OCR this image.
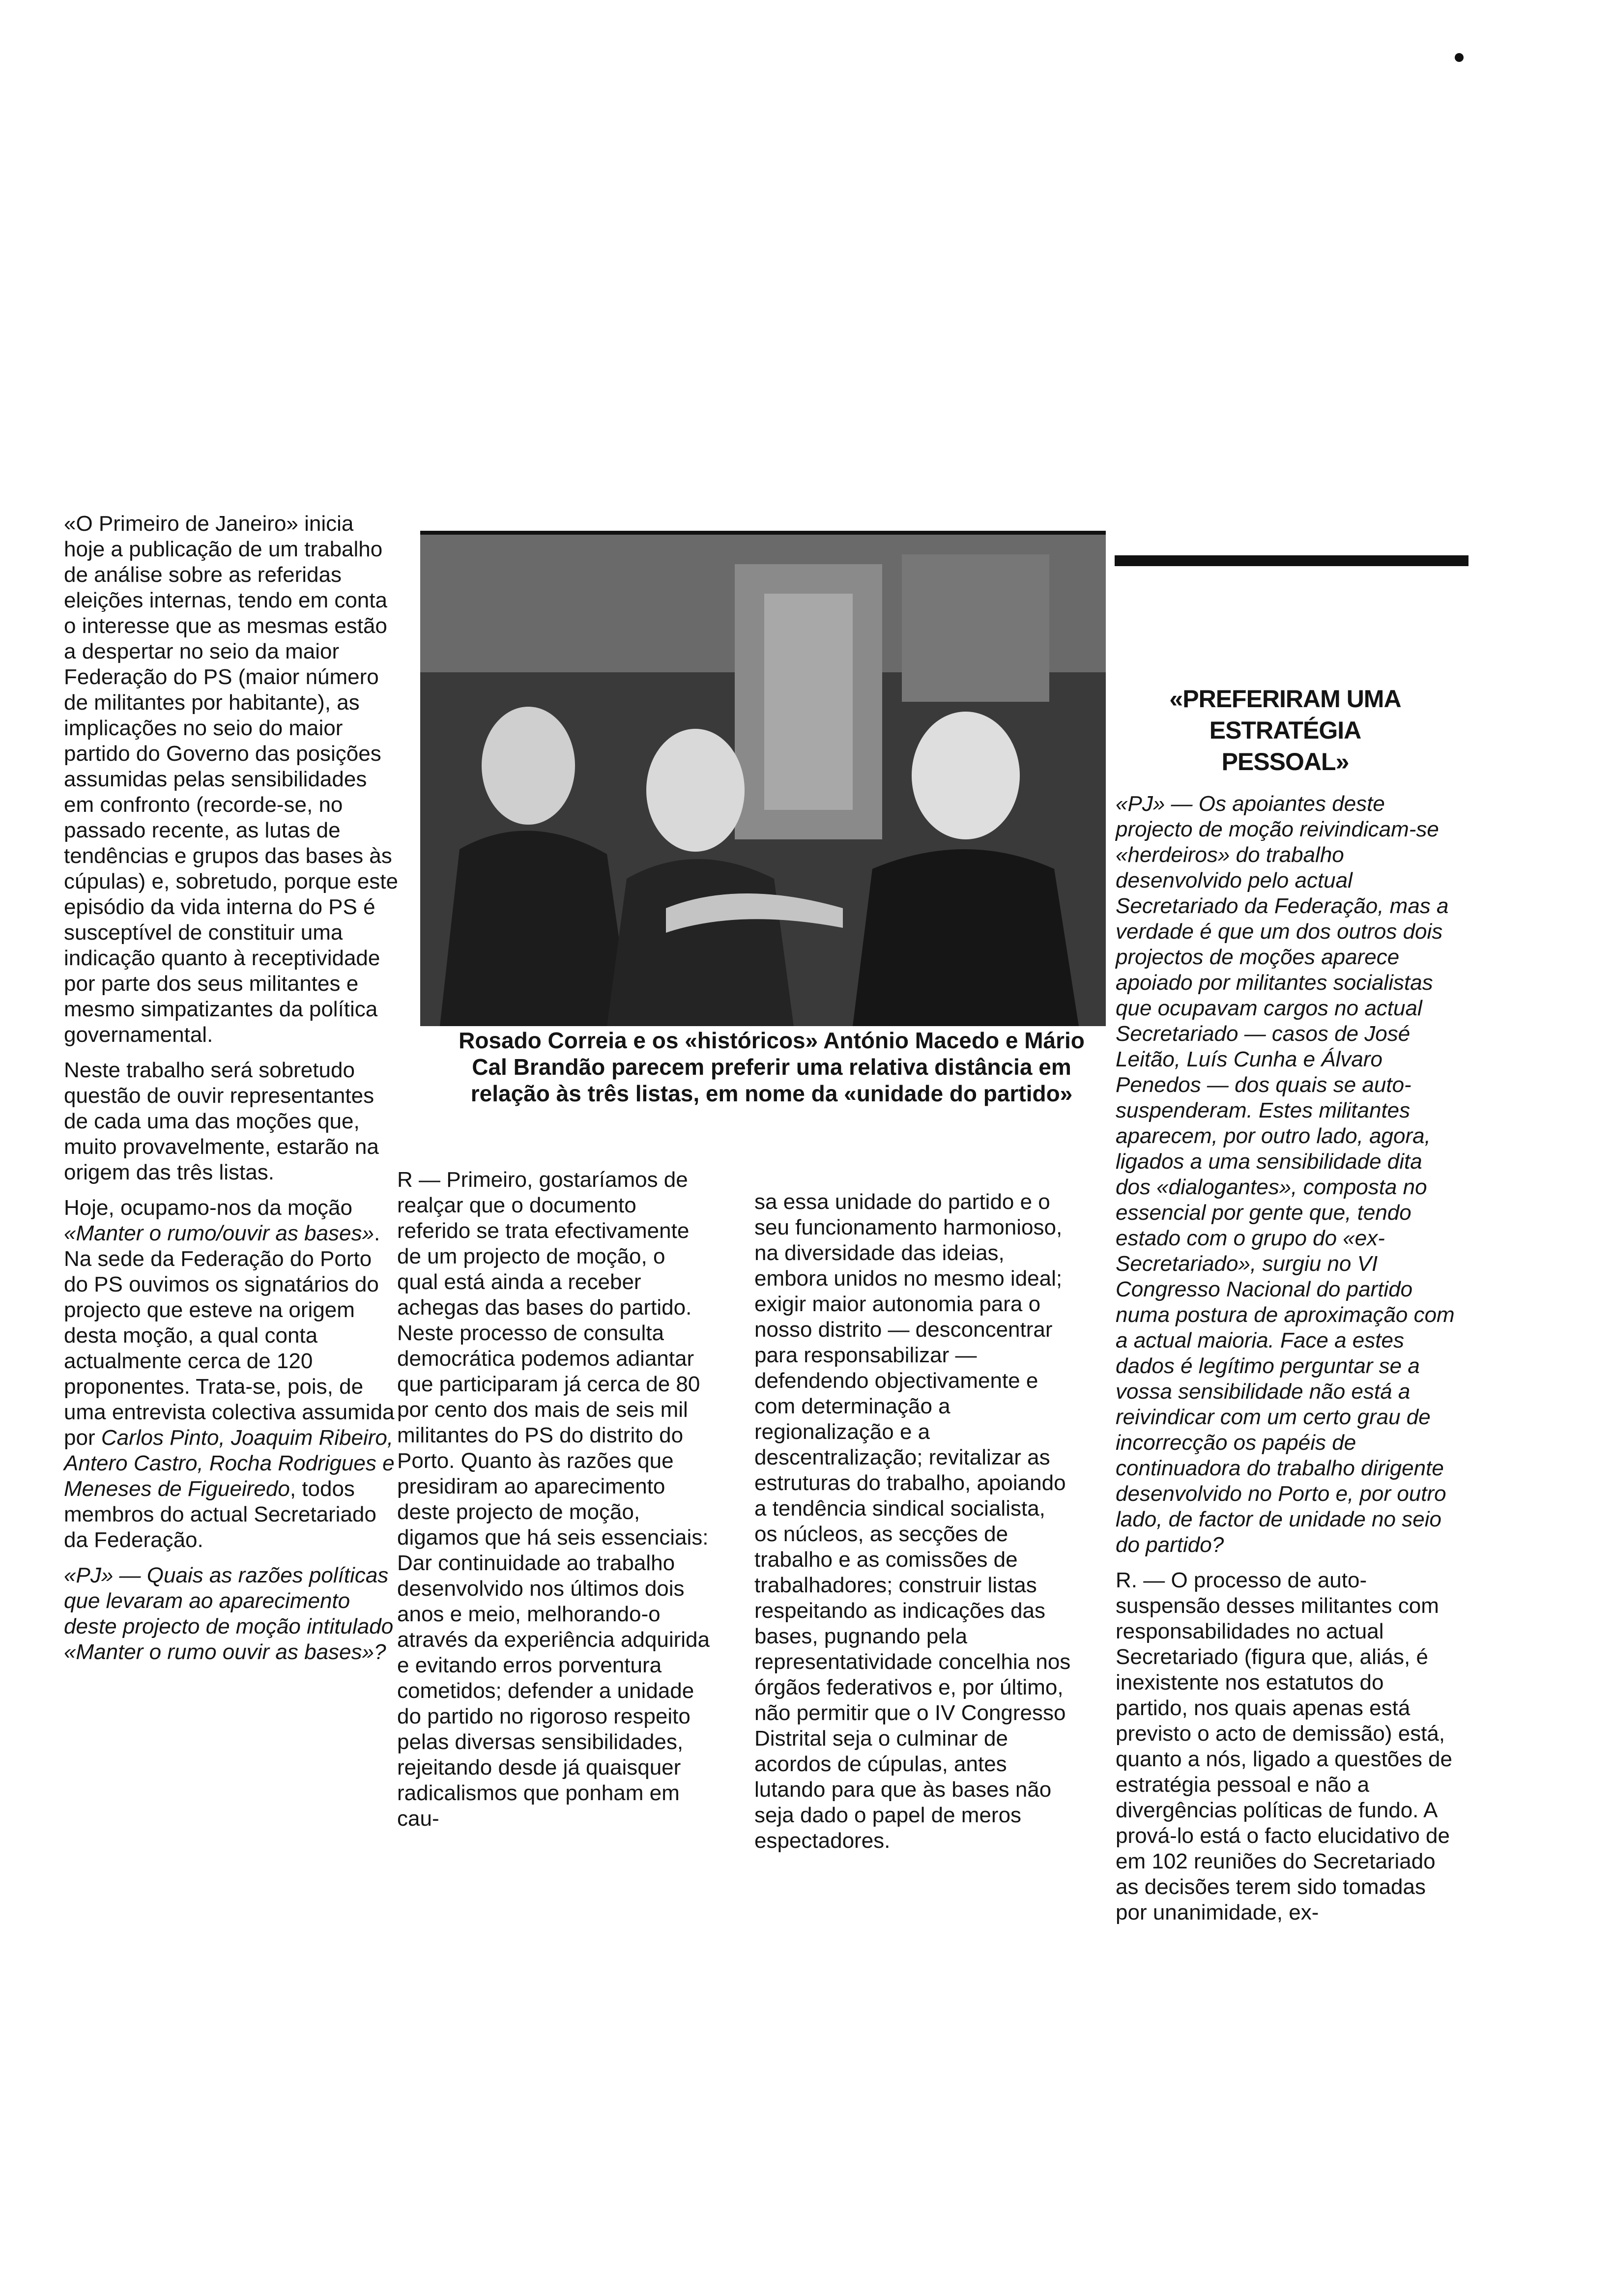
«O Primeiro de Janeiro» inicia hoje a publicação de um trabalho de análise sobre as referidas eleições internas, tendo em conta o interesse que as mesmas estão a despertar no seio da maior Federação do PS (maior número de militantes por habitante), as implicações no seio do maior partido do Governo das posições assumidas pelas sensibilidades em confronto (recorde-se, no passado recente, as lutas de tendências e grupos das bases às cúpulas) e, sobretudo, porque este episódio da vida interna do PS é susceptível de constituir uma indicação quanto à receptividade por parte dos seus militantes e mesmo simpatizantes da política governamental.

Neste trabalho será sobretudo questão de ouvir representantes de cada uma das moções que, muito provavelmente, estarão na origem das três listas.

Hoje, ocupamo-nos da moção «Manter o rumo/ouvir as bases». Na sede da Federação do Porto do PS ouvimos os signatários do projecto que esteve na origem desta moção, a qual conta actualmente cerca de 120 proponentes. Trata-se, pois, de uma entrevista colectiva assumida por Carlos Pinto, Joaquim Ribeiro, Antero Castro, Rocha Rodrigues e Meneses de Figueiredo, todos membros do actual Secretariado da Federação.

«PJ» — Quais as razões políticas que levaram ao aparecimento deste projecto de moção intitulado «Manter o rumo ouvir as bases»?

Rosado Correia e os «históricos» António Macedo e Mário Cal Brandão parecem preferir uma relativa distância em relação às três listas, em nome da «unidade do partido»

R — Primeiro, gostaríamos de realçar que o documento referido se trata efectivamente de um projecto de moção, o qual está ainda a receber achegas das bases do partido. Neste processo de consulta democrática podemos adiantar que participaram já cerca de 80 por cento dos mais de seis mil militantes do PS do distrito do Porto. Quanto às razões que presidiram ao aparecimento deste projecto de moção, digamos que há seis essenciais: Dar continuidade ao trabalho desenvolvido nos últimos dois anos e meio, melhorando-o através da experiência adquirida e evitando erros porventura cometidos; defender a unidade do partido no rigoroso respeito pelas diversas sensibilidades, rejeitando desde já quaisquer radicalismos que ponham em cau-

sa essa unidade do partido e o seu funcionamento harmonioso, na diversidade das ideias, embora unidos no mesmo ideal; exigir maior autonomia para o nosso distrito — desconcentrar para responsabilizar — defendendo objectivamente e com determinação a regionalização e a descentralização; revitalizar as estruturas do trabalho, apoiando a tendência sindical socialista, os núcleos, as secções de trabalho e as comissões de trabalhadores; construir listas respeitando as indicações das bases, pugnando pela representatividade concelhia nos órgãos federativos e, por último, não permitir que o IV Congresso Distrital seja o culminar de acordos de cúpulas, antes lutando para que às bases não seja dado o papel de meros espectadores.

«PREFERIRAM UMA ESTRATÉGIA
PESSOAL»

«PJ» — Os apoiantes deste projecto de moção reivindicam-se «herdeiros» do trabalho desenvolvido pelo actual Secretariado da Federação, mas a verdade é que um dos outros dois projectos de moções aparece apoiado por militantes socialistas que ocupavam cargos no actual Secretariado — casos de José Leitão, Luís Cunha e Álvaro Penedos — dos quais se auto-suspenderam. Estes militantes aparecem, por outro lado, agora, ligados a uma sensibilidade dita dos «dialogantes», composta no essencial por gente que, tendo estado com o grupo do «ex-Secretariado», surgiu no VI Congresso Nacional do partido numa postura de aproximação com a actual maioria. Face a estes dados é legítimo perguntar se a vossa sensibilidade não está a reivindicar com um certo grau de incorrecção os papéis de continuadora do trabalho dirigente desenvolvido no Porto e, por outro lado, de factor de unidade no seio do partido?

R. — O processo de auto-suspensão desses militantes com responsabilidades no actual Secretariado (figura que, aliás, é inexistente nos estatutos do partido, nos quais apenas está previsto o acto de demissão) está, quanto a nós, ligado a questões de estratégia pessoal e não a divergências políticas de fundo. A prová-lo está o facto elucidativo de em 102 reuniões do Secretariado as decisões terem sido tomadas por unanimidade, ex-
